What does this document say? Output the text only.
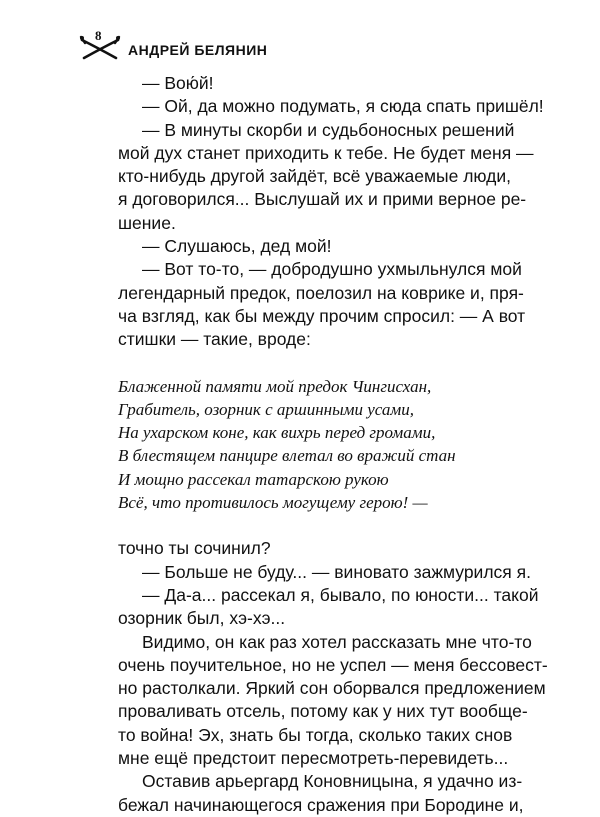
8
АНДРЕЙ БЕЛЯНИН
— Вою́й!
— Ой, да можно подумать, я сюда спать пришёл!
— В минуты скорби и судьбоносных решений
мой дух станет приходить к тебе. Не будет меня —
кто-нибудь другой зайдёт, всё уважаемые люди,
я договорился... Выслушай их и прими верное ре-
шение.
— Слушаюсь, дед мой!
— Вот то-то, — добродушно ухмыльнулся мой
легендарный предок, поелозил на коврике и, пря-
ча взгляд, как бы между прочим спросил: — А вот
стишки — такие, вроде:
Блаженной памяти мой предок Чингисхан,
Грабитель, озорник с аршинными усами,
На ухарском коне, как вихрь перед громами,
В блестящем панцире влетал во вражий стан
И мощно рассекал татарскою рукою
Всё, что противилось могущему герою! —
точно ты сочинил?
— Больше не буду... — виновато зажмурился я.
— Да-а... рассекал я, бывало, по юности... такой
озорник был, хэ-хэ...
Видимо, он как раз хотел рассказать мне что-то
очень поучительное, но не успел — меня бессовест-
но растолкали. Яркий сон оборвался предложением
проваливать отсель, потому как у них тут вообще-
то война! Эх, знать бы тогда, сколько таких снов
мне ещё предстоит пересмотреть-перевидеть...
Оставив арьергард Коновницына, я удачно из-
бежал начинающегося сражения при Бородине и,
